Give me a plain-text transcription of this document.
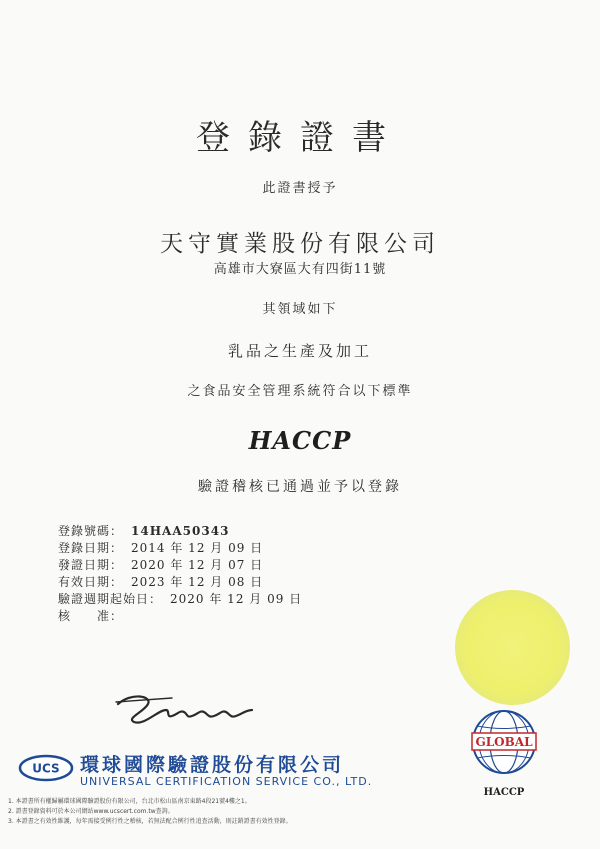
登錄證書
此證書授予
天守實業股份有限公司
高雄市大寮區大有四街11號
其領域如下
乳品之生產及加工
之食品安全管理系統符合以下標準
HACCP
驗證稽核已通過並予以登錄
登錄號碼： 14HAA50343
登錄日期： 2014 年 12 月 09 日
發證日期： 2020 年 12 月 07 日
有效日期： 2023 年 12 月 08 日
驗證週期起始日： 2020 年 12 月 09 日
核　　准：
UCS 環球國際驗證股份有限公司
UNIVERSAL CERTIFICATION SERVICE CO., LTD.
GLOBAL
HACCP
1. 本證書所有權歸屬環球國際驗證股份有限公司，台北市松山區南京東路4段21號4樓之1。
2. 證書登錄資料可於本公司網站www.ucscert.com.tw查詢。
3. 本證書之有效性維護，每年需接受例行性之稽核，若無法配合例行性追查活動，則註銷證書有效性登錄。
